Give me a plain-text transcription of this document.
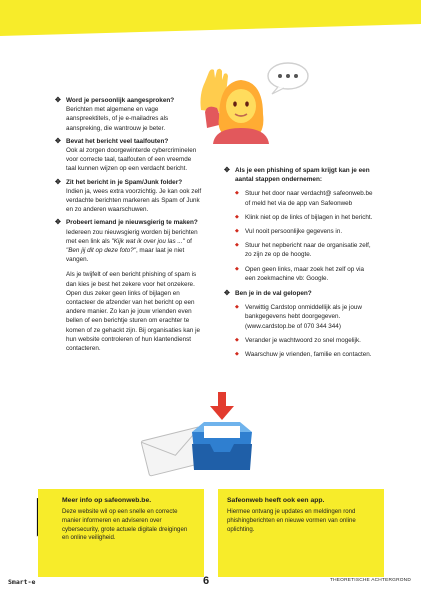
✥ Word je persoonlijk aangesproken?
Berichten met algemene en vage aanspreektitels, of je e-mailadres als aanspreking, die wantrouw je beter.
✥ Bevat het bericht veel taalfouten?
Ook al zorgen doorgewinterde cybercriminelen voor correcte taal, taalfouten of een vreemde taal kunnen wijzen op een verdacht bericht.
✥ Zit het bericht in je Spam/Junk folder?
Indien ja, wees extra voorzichtig. Je kan ook zelf verdachte berichten markeren als Spam of Junk en zo anderen waarschuwen.
✥ Probeert iemand je nieuwsgierig te maken?
Iedereen zou nieuwsgierig worden bij berichten met een link als "Kijk wat ik over jou las ..." of "Ben jij dit op deze foto?", maar laat je niet vangen.

Als je twijfelt of een bericht phishing of spam is dan kies je best het zekere voor het onzekere. Open dus zeker geen links of bijlagen en contacteer de afzender van het bericht op een andere manier. Zo kan je jouw vrienden even bellen of een berichtje sturen om erachter te komen of ze gehackt zijn. Bij organisaties kan je hun website controleren of hun klantendienst contacteren.

✥ Als je een phishing of spam krijgt kan je een aantal stappen ondernemen:
◆ Stuur het door naar verdacht@ safeonweb.be of meld het via de app van Safeonweb
◆ Klink niet op de links of bijlagen in het bericht.
◆ Vul nooit persoonlijke gegevens in.
◆ Stuur het nepbericht naar de organisatie zelf, zo zijn ze op de hoogte.
◆ Open geen links, maar zoek het zelf op via een zoekmachine vb: Google.
✥ Ben je in de val gelopen?
◆ Verwittig Cardstop onmiddellijk als je jouw bankgegevens hebt doorgegeven. (www.cardstop.be of 070 344 344)
◆ Verander je wachtwoord zo snel mogelijk.
◆ Waarschuw je vrienden, familie en contacten.
Meer info op safeonweb.be.
Deze website wil op een snelle en correcte manier informeren en adviseren over cybersecurity, grote actuele digitale dreigingen en online veiligheid.
Safeonweb heeft ook een app.
Hiermee ontvang je updates en meldingen rond phishingberichten en nieuwe vormen van online oplichting.
Smart-e	6	THEORETISCHE ACHTERGROND
